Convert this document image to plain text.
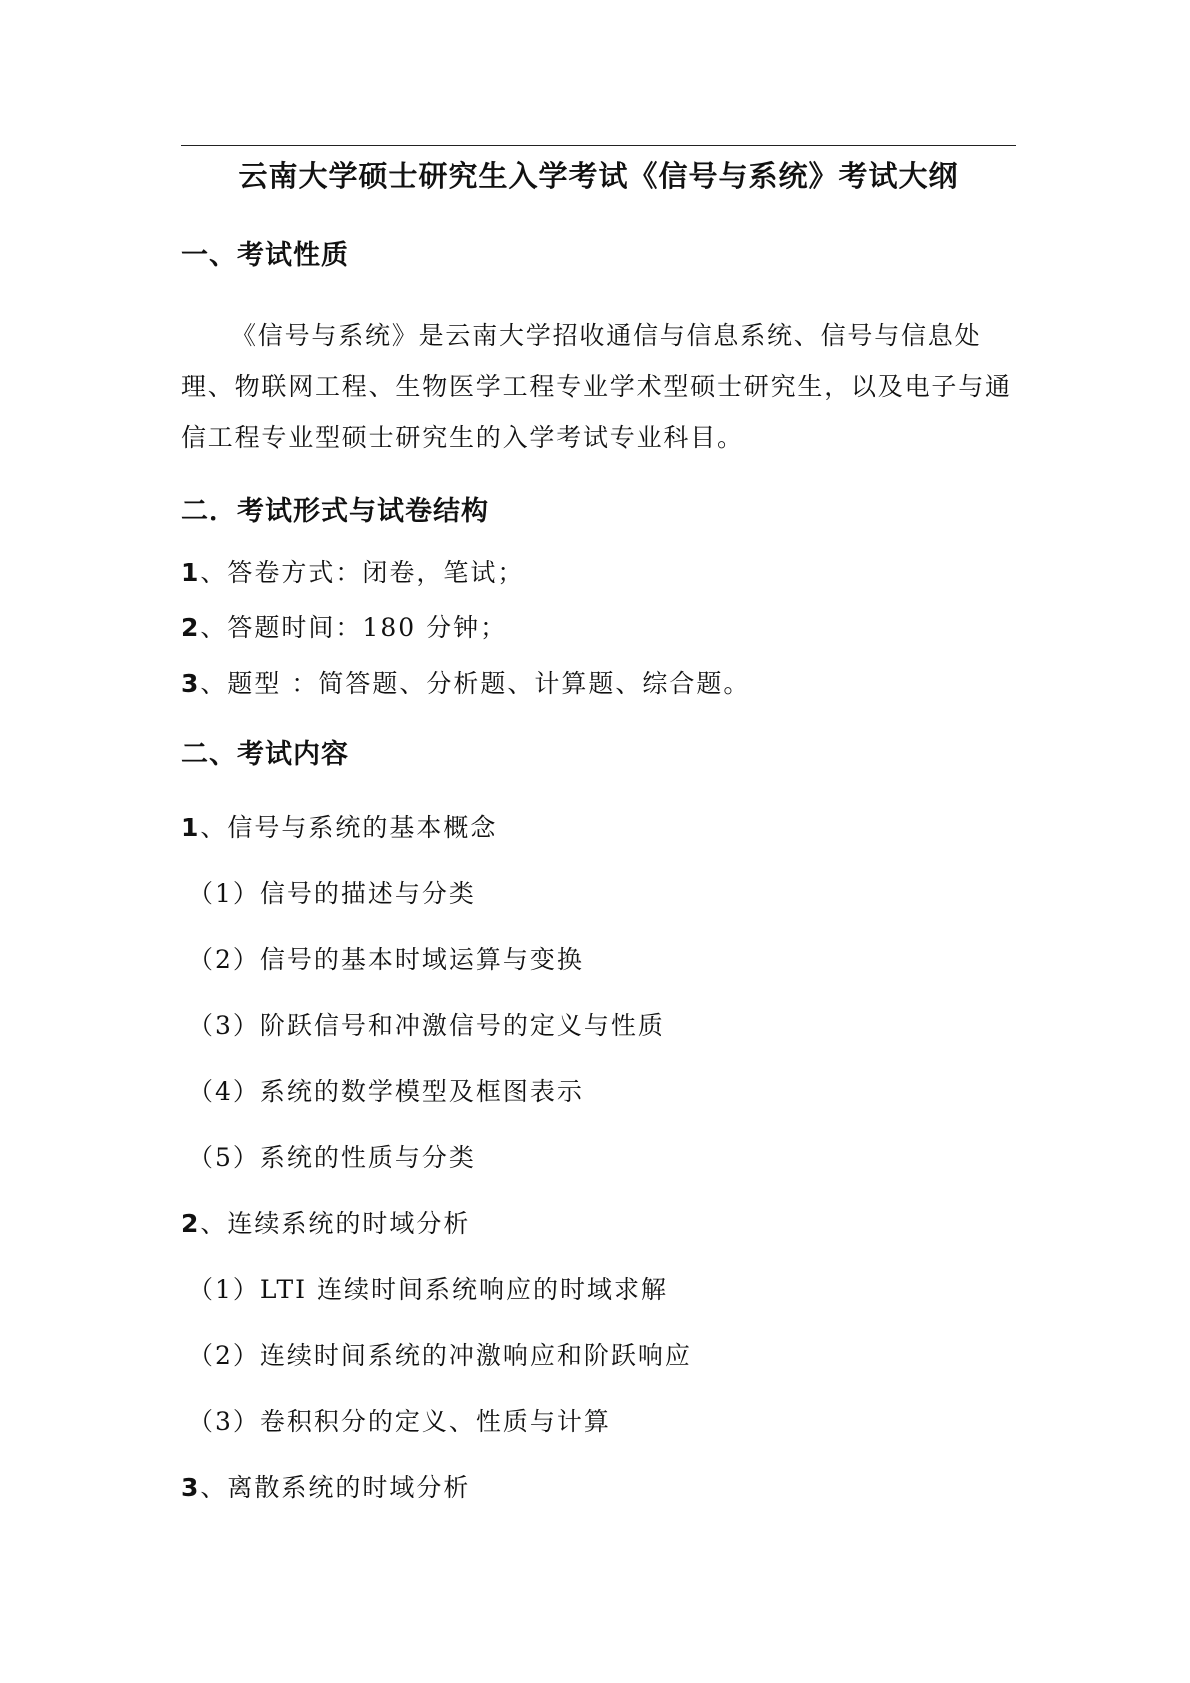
云南大学硕士研究生入学考试《信号与系统》考试大纲
一、考试性质

《信号与系统》是云南大学招收通信与信息系统、信号与信息处理、物联网工程、生物医学工程专业学术型硕士研究生，以及电子与通信工程专业型硕士研究生的入学考试专业科目。

二．考试形式与试卷结构
1、答卷方式：闭卷，笔试；
2、答题时间：180 分钟；
3、题型 ：简答题、分析题、计算题、综合题。
二、考试内容
1、信号与系统的基本概念
（1）信号的描述与分类
（2）信号的基本时域运算与变换
（3）阶跃信号和冲激信号的定义与性质
（4）系统的数学模型及框图表示
（5）系统的性质与分类
2、连续系统的时域分析
（1）LTI 连续时间系统响应的时域求解
（2）连续时间系统的冲激响应和阶跃响应
（3）卷积积分的定义、性质与计算
3、离散系统的时域分析
